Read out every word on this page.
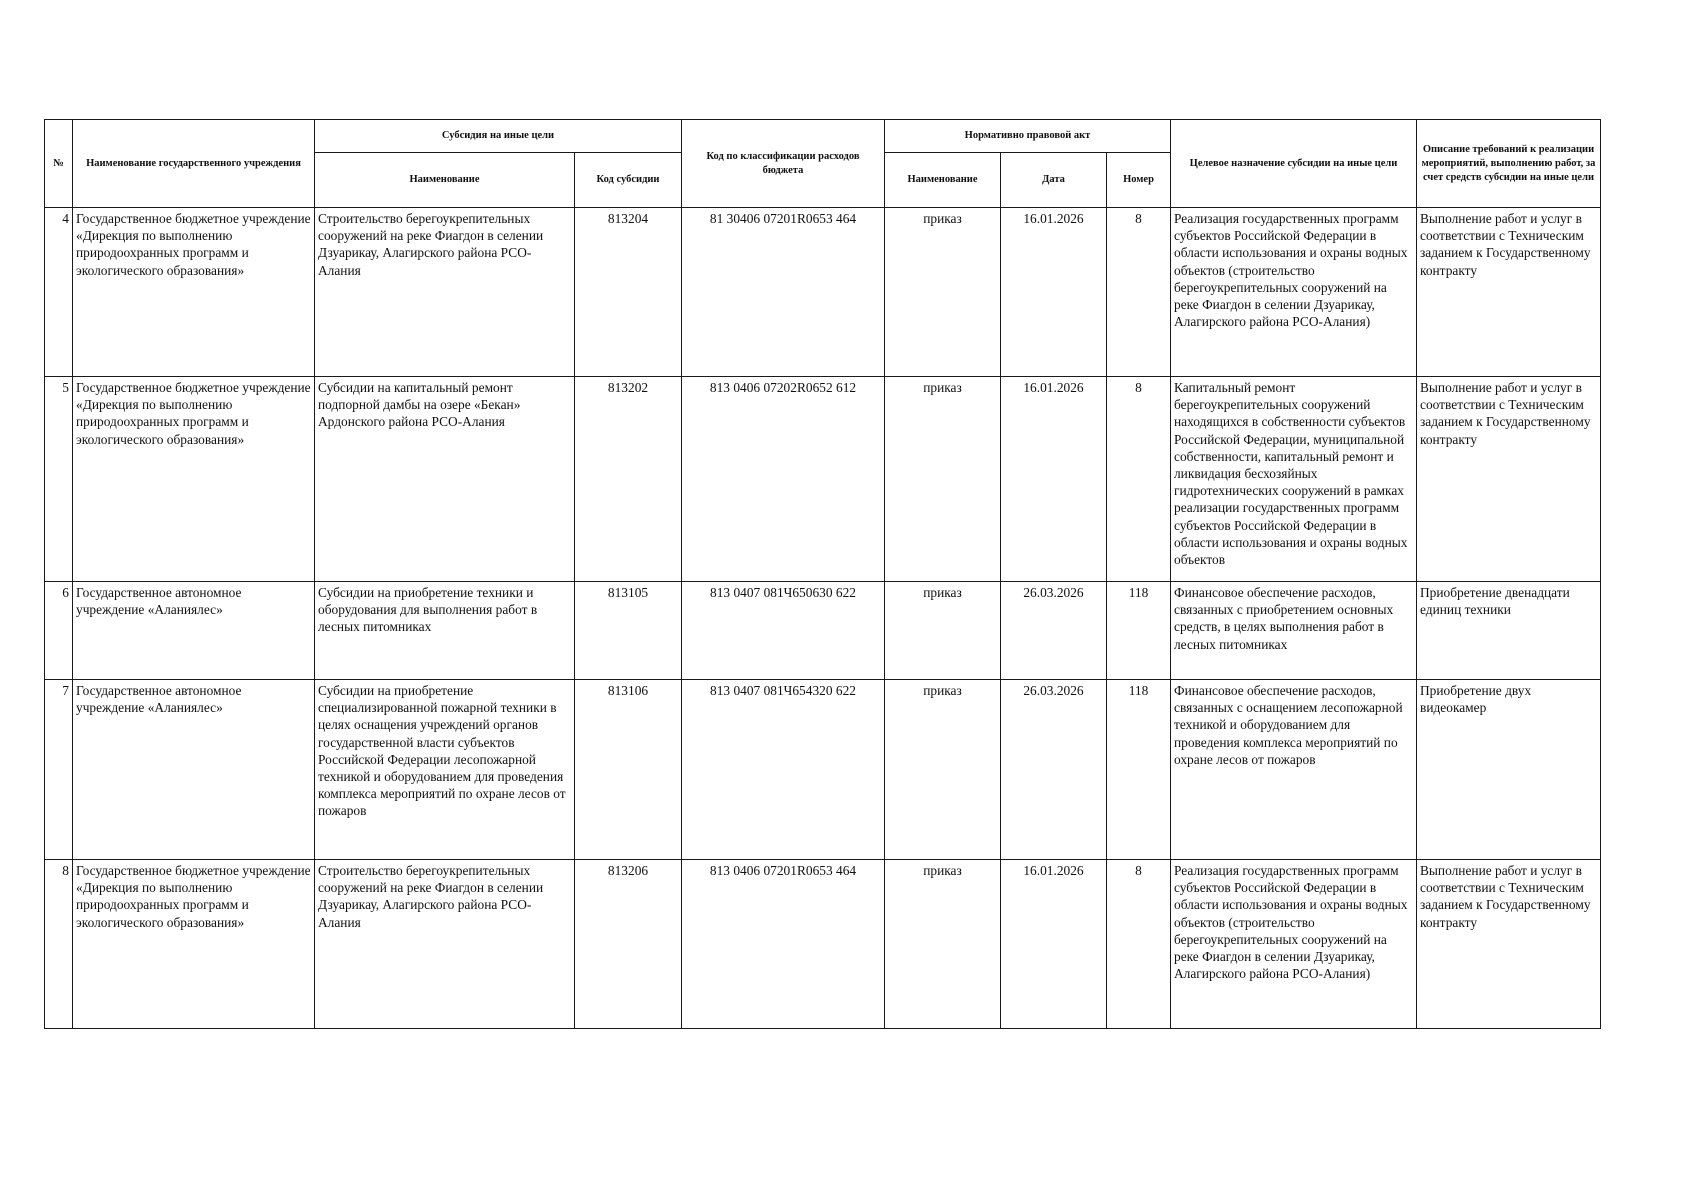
№	Наименование государственного учреждения	Субсидия на иные цели		Код по классификации расходов бюджета	Нормативно правовой акт			Целевое назначение субсидии на иные цели	Описание требований к реализации мероприятий, выполнению работ, за счет средств субсидии на иные цели
		Наименование	Код субсидии		Наименование	Дата	Номер		
4	Государственное бюджетное учреждение «Дирекция по выполнению природоохранных программ и экологического образования»	Строительство берегоукрепительных сооружений на реке Фиагдон в селении Дзуарикау, Алагирского района РСО-Алания	813204	81 30406 07201R0653 464	приказ	16.01.2026	8	Реализация государственных программ субъектов Российской Федерации в области использования и охраны водных объектов (строительство берегоукрепительных сооружений на реке Фиагдон в селении Дзуарикау, Алагирского района РСО-Алания)	Выполнение работ и услуг в соответствии с Техническим заданием к Государственному контракту
5	Государственное бюджетное учреждение «Дирекция по выполнению природоохранных программ и экологического образования»	Субсидии на капитальный ремонт подпорной дамбы на озере «Бекан» Ардонского района РСО-Алания	813202	813 0406 07202R0652 612	приказ	16.01.2026	8	Капитальный ремонт берегоукрепительных сооружений находящихся в собственности субъектов Российской Федерации, муниципальной собственности, капитальный ремонт и ликвидация бесхозяйных гидротехнических сооружений в рамках реализации государственных программ субъектов Российской Федерации в области использования и охраны водных объектов	Выполнение работ и услуг в соответствии с Техническим заданием к Государственному контракту
6	Государственное автономное учреждение «Аланиялес»	Субсидии на приобретение техники и оборудования для выполнения работ в лесных питомниках	813105	813 0407 081Ч650630 622	приказ	26.03.2026	118	Финансовое обеспечение расходов, связанных с приобретением основных средств, в целях выполнения работ в лесных питомниках	Приобретение двенадцати единиц техники
7	Государственное автономное учреждение «Аланиялес»	Субсидии на приобретение специализированной пожарной техники в целях оснащения учреждений органов государственной власти субъектов Российской Федерации лесопожарной техникой и оборудованием для проведения комплекса мероприятий по охране лесов от пожаров	813106	813 0407 081Ч654320 622	приказ	26.03.2026	118	Финансовое обеспечение расходов, связанных с оснащением лесопожарной техникой и оборудованием для проведения комплекса мероприятий по охране лесов от пожаров	Приобретение двух видеокамер
8	Государственное бюджетное учреждение «Дирекция по выполнению природоохранных программ и экологического образования»	Строительство берегоукрепительных сооружений на реке Фиагдон в селении Дзуарикау, Алагирского района РСО-Алания	813206	813 0406 07201R0653 464	приказ	16.01.2026	8	Реализация государственных программ субъектов Российской Федерации в области использования и охраны водных объектов (строительство берегоукрепительных сооружений на реке Фиагдон в селении Дзуарикау, Алагирского района РСО-Алания)	Выполнение работ и услуг в соответствии с Техническим заданием к Государственному контракту
